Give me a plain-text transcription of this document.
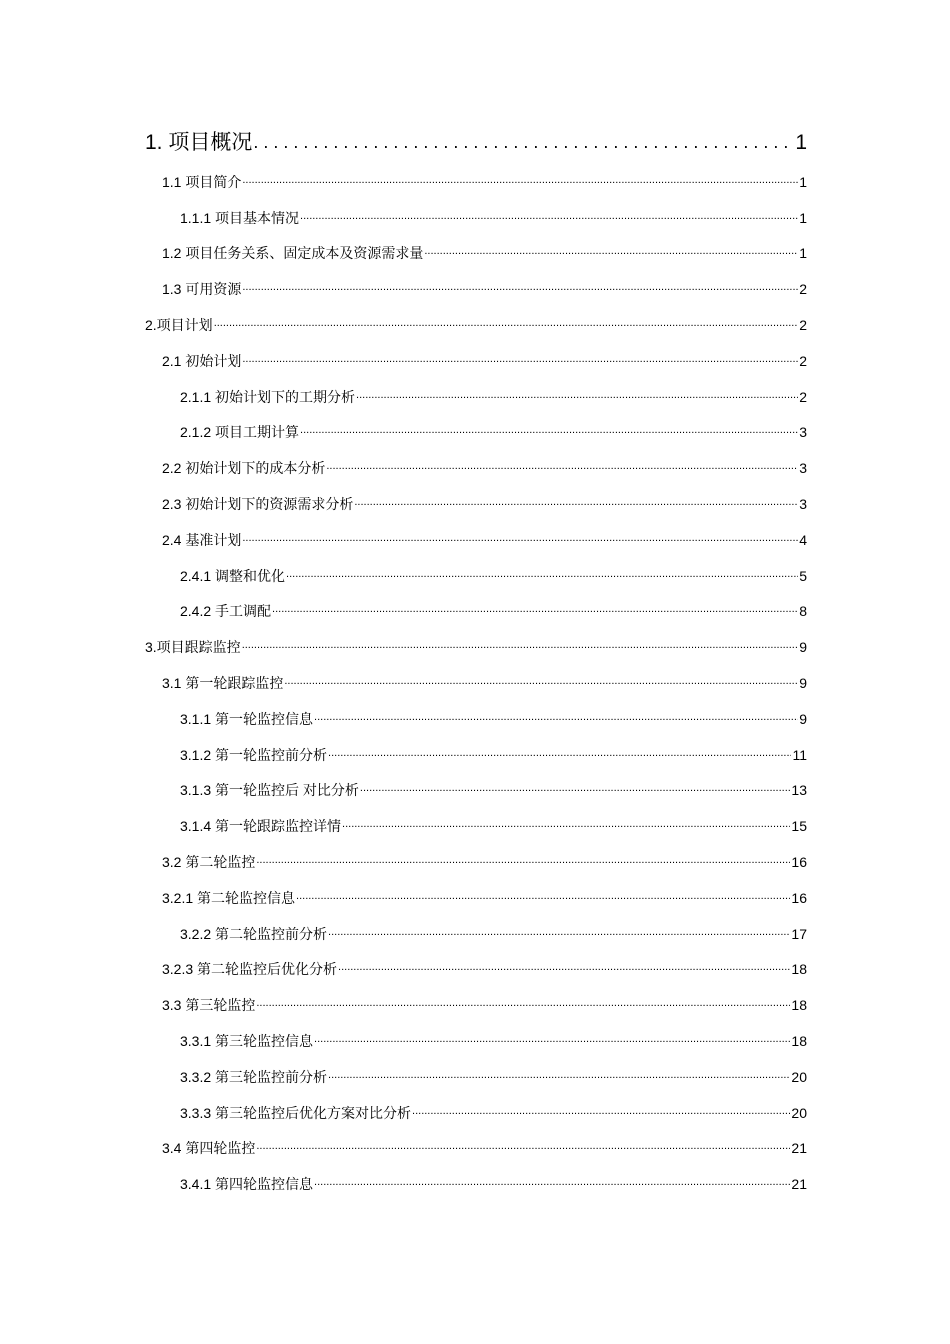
1. 项目概况 .....	1
1.1 项目简介 .....	1
1.1.1 项目基本情况 .....	1
1.2 项目任务关系、固定成本及资源需求量 .....	1
1.3 可用资源 .....	2
2.项目计划 .....	2
2.1 初始计划 .....	2
2.1.1 初始计划下的工期分析 .....	2
2.1.2 项目工期计算 .....	3
2.2 初始计划下的成本分析 .....	3
2.3 初始计划下的资源需求分析 .....	3
2.4 基准计划 .....	4
2.4.1 调整和优化 .....	5
2.4.2 手工调配 .....	8
3.项目跟踪监控 .....	9
3.1 第一轮跟踪监控 .....	9
3.1.1 第一轮监控信息 .....	9
3.1.2 第一轮监控前分析 .....	11
3.1.3 第一轮监控后 对比分析 .....	13
3.1.4 第一轮跟踪监控详情 .....	15
3.2 第二轮监控 .....	16
3.2.1 第二轮监控信息 .....	16
3.2.2 第二轮监控前分析 .....	17
3.2.3 第二轮监控后优化分析 .....	18
3.3 第三轮监控 .....	18
3.3.1 第三轮监控信息 .....	18
3.3.2 第三轮监控前分析 .....	20
3.3.3 第三轮监控后优化方案对比分析 .....	20
3.4 第四轮监控 .....	21
3.4.1 第四轮监控信息 .....	21
